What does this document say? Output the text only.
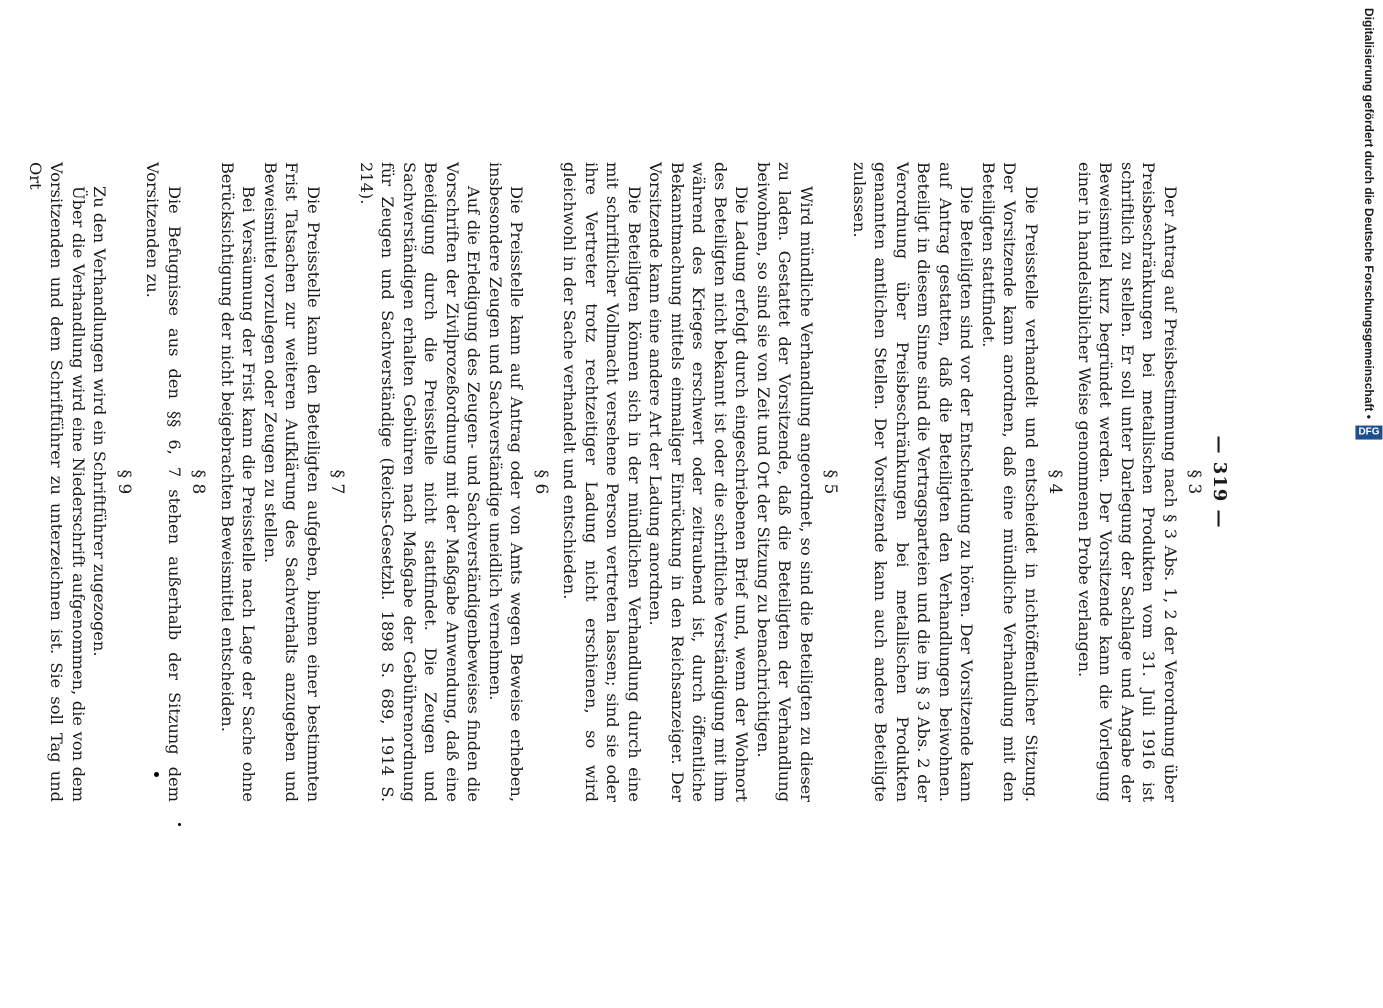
— 319 —
§ 3

Der Antrag auf Preisbestimmung nach § 3 Abs. 1, 2 der Verordnung über Preisbeschränkungen bei metallischen Produkten vom 31. Juli 1916 ist schriftlich zu stellen. Er soll unter Darlegung der Sachlage und Angabe der Beweismittel kurz begründet werden. Der Vorsitzende kann die Vorlegung einer in handelsüblicher Weise genommenen Probe verlangen.

§ 4

Die Preisstelle verhandelt und entscheidet in nichtöffentlicher Sitzung. Der Vorsitzende kann anordnen, daß eine mündliche Verhandlung mit den Beteiligten stattfindet.

Die Beteiligten sind vor der Entscheidung zu hören. Der Vorsitzende kann auf Antrag gestatten, daß die Beteiligten den Verhandlungen beiwohnen. Beteiligt in diesem Sinne sind die Vertragsparteien und die im § 3 Abs. 2 der Verordnung über Preisbeschränkungen bei metallischen Produkten genannten amtlichen Stellen. Der Vorsitzende kann auch andere Beteiligte zulassen.

§ 5

Wird mündliche Verhandlung angeordnet, so sind die Beteiligten zu dieser zu laden. Gestattet der Vorsitzende, daß die Beteiligten der Verhandlung beiwohnen, so sind sie von Zeit und Ort der Sitzung zu benachrichtigen.

Die Ladung erfolgt durch eingeschriebenen Brief und, wenn der Wohnort des Beteiligten nicht bekannt ist oder die schriftliche Verständigung mit ihm während des Krieges erschwert oder zeitraubend ist, durch öffentliche Bekanntmachung mittels einmaliger Einrückung in den Reichsanzeiger. Der Vorsitzende kann eine andere Art der Ladung anordnen.

Die Beteiligten können sich in der mündlichen Verhandlung durch eine mit schriftlicher Vollmacht versehene Person vertreten lassen; sind sie oder ihre Vertreter trotz rechtzeitiger Ladung nicht erschienen, so wird gleichwohl in der Sache verhandelt und entschieden.

§ 6

Die Preisstelle kann auf Antrag oder von Amts wegen Beweise erheben, insbesondere Zeugen und Sachverständige uneidlich vernehmen.

Auf die Erledigung des Zeugen- und Sachverständigenbeweises finden die Vorschriften der Zivilprozeßordnung mit der Maßgabe Anwendung, daß eine Beeidigung durch die Preisstelle nicht stattfindet. Die Zeugen und Sachverständigen erhalten Gebühren nach Maßgabe der Gebührenordnung für Zeugen und Sachverständige (Reichs-Gesetzbl. 1898 S. 689, 1914 S. 214).

§ 7

Die Preisstelle kann den Beteiligten aufgeben, binnen einer bestimmten Frist Tatsachen zur weiteren Aufklärung des Sachverhalts anzugeben und Beweismittel vorzulegen oder Zeugen zu stellen.

Bei Versäumung der Frist kann die Preisstelle nach Lage der Sache ohne Berücksichtigung der nicht beigebrachten Beweismittel entscheiden.

§ 8

Die Befugnisse aus den §§ 6, 7 stehen außerhalb der Sitzung dem Vorsitzenden zu.

§ 9

Zu den Verhandlungen wird ein Schriftführer zugezogen.

Über die Verhandlung wird eine Niederschrift aufgenommen, die von dem Vorsitzenden und dem Schriftführer zu unterzeichnen ist. Sie soll Tag und Ort	Digitalisierung gefördert durch die Deutsche Forschungsgemeinschaft •
DFG
